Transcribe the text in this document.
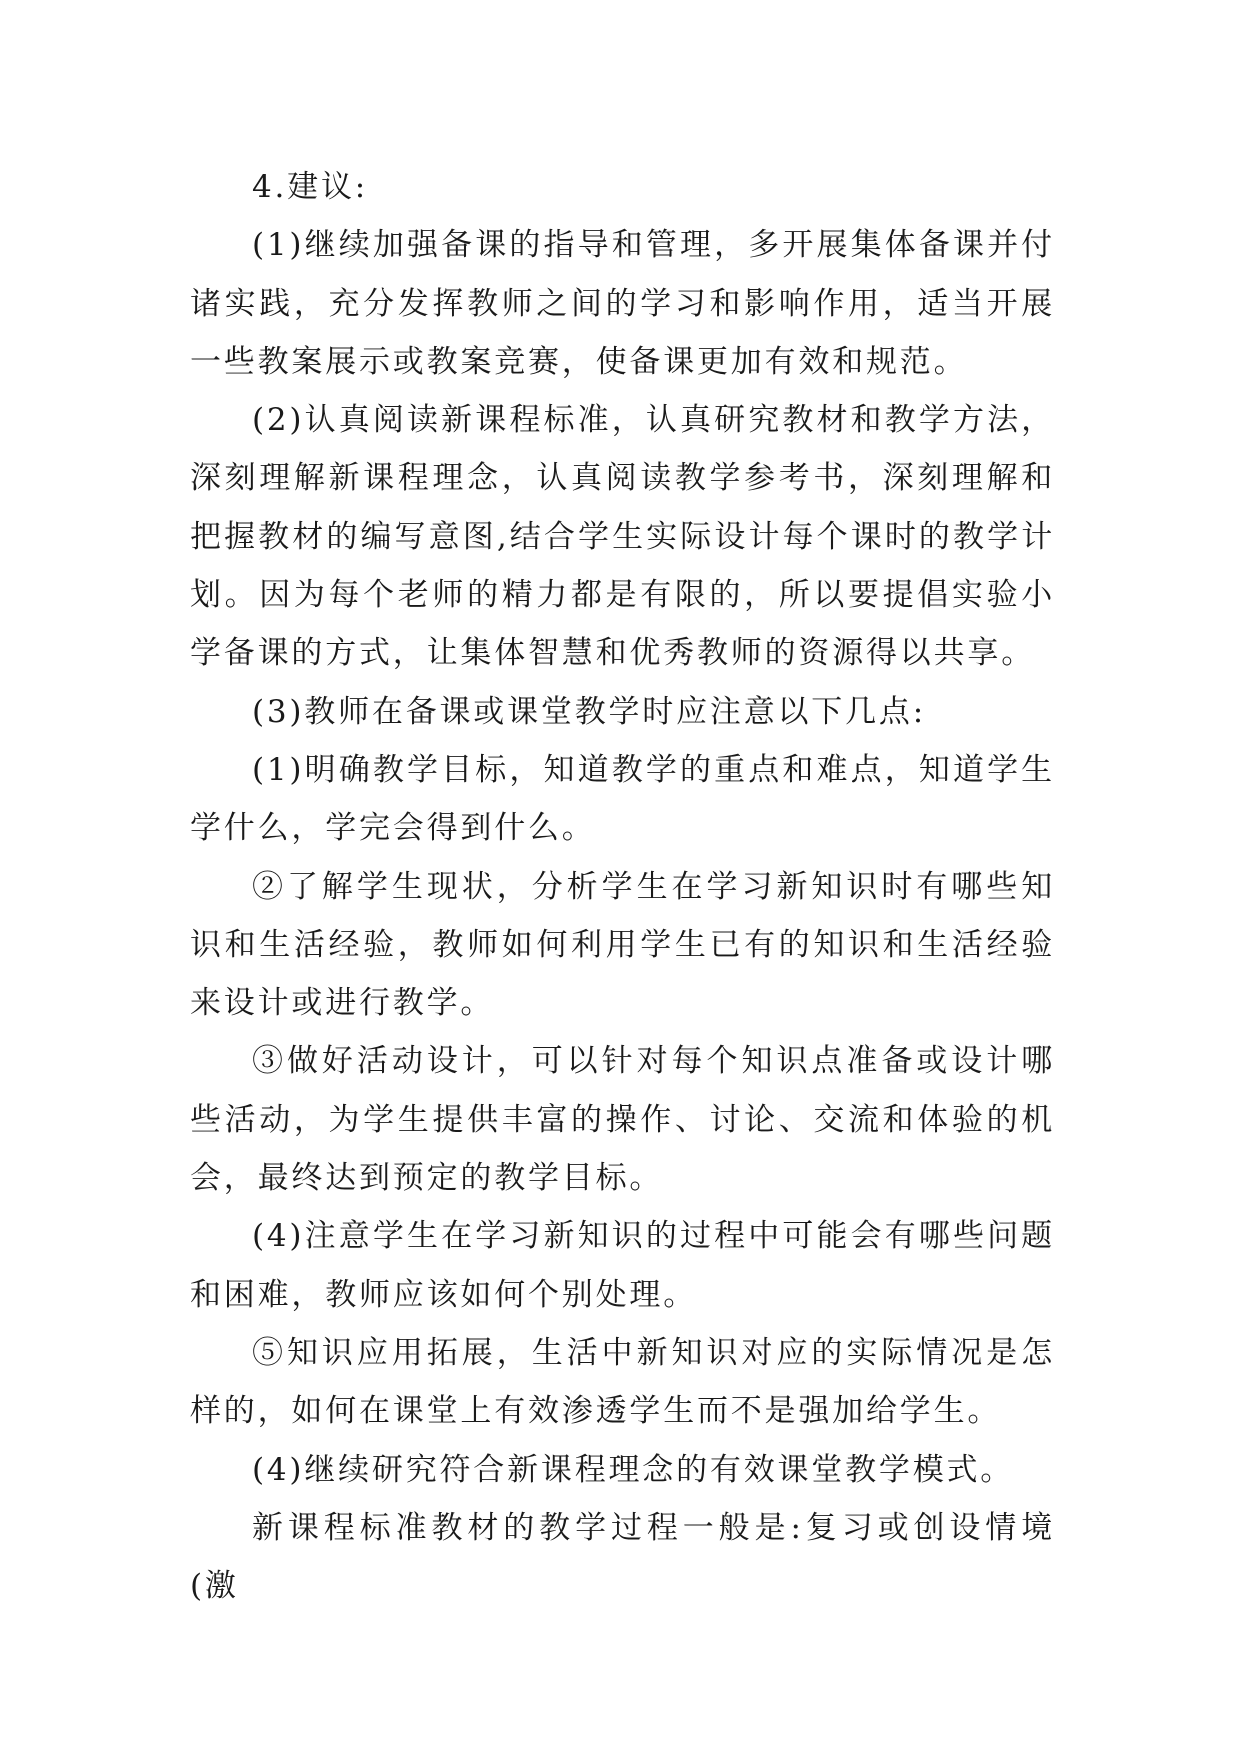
4.建议:

(1)继续加强备课的指导和管理，多开展集体备课并付诸实践，充分发挥教师之间的学习和影响作用，适当开展一些教案展示或教案竞赛，使备课更加有效和规范。

(2)认真阅读新课程标准，认真研究教材和教学方法，深刻理解新课程理念，认真阅读教学参考书，深刻理解和把握教材的编写意图,结合学生实际设计每个课时的教学计划。因为每个老师的精力都是有限的，所以要提倡实验小学备课的方式，让集体智慧和优秀教师的资源得以共享。

(3)教师在备课或课堂教学时应注意以下几点:

(1)明确教学目标，知道教学的重点和难点，知道学生学什么，学完会得到什么。

②了解学生现状，分析学生在学习新知识时有哪些知识和生活经验，教师如何利用学生已有的知识和生活经验来设计或进行教学。

③做好活动设计，可以针对每个知识点准备或设计哪些活动，为学生提供丰富的操作、讨论、交流和体验的机会，最终达到预定的教学目标。

(4)注意学生在学习新知识的过程中可能会有哪些问题和困难，教师应该如何个别处理。

⑤知识应用拓展，生活中新知识对应的实际情况是怎样的，如何在课堂上有效渗透学生而不是强加给学生。

(4)继续研究符合新课程理念的有效课堂教学模式。

新课程标准教材的教学过程一般是:复习或创设情境(激
